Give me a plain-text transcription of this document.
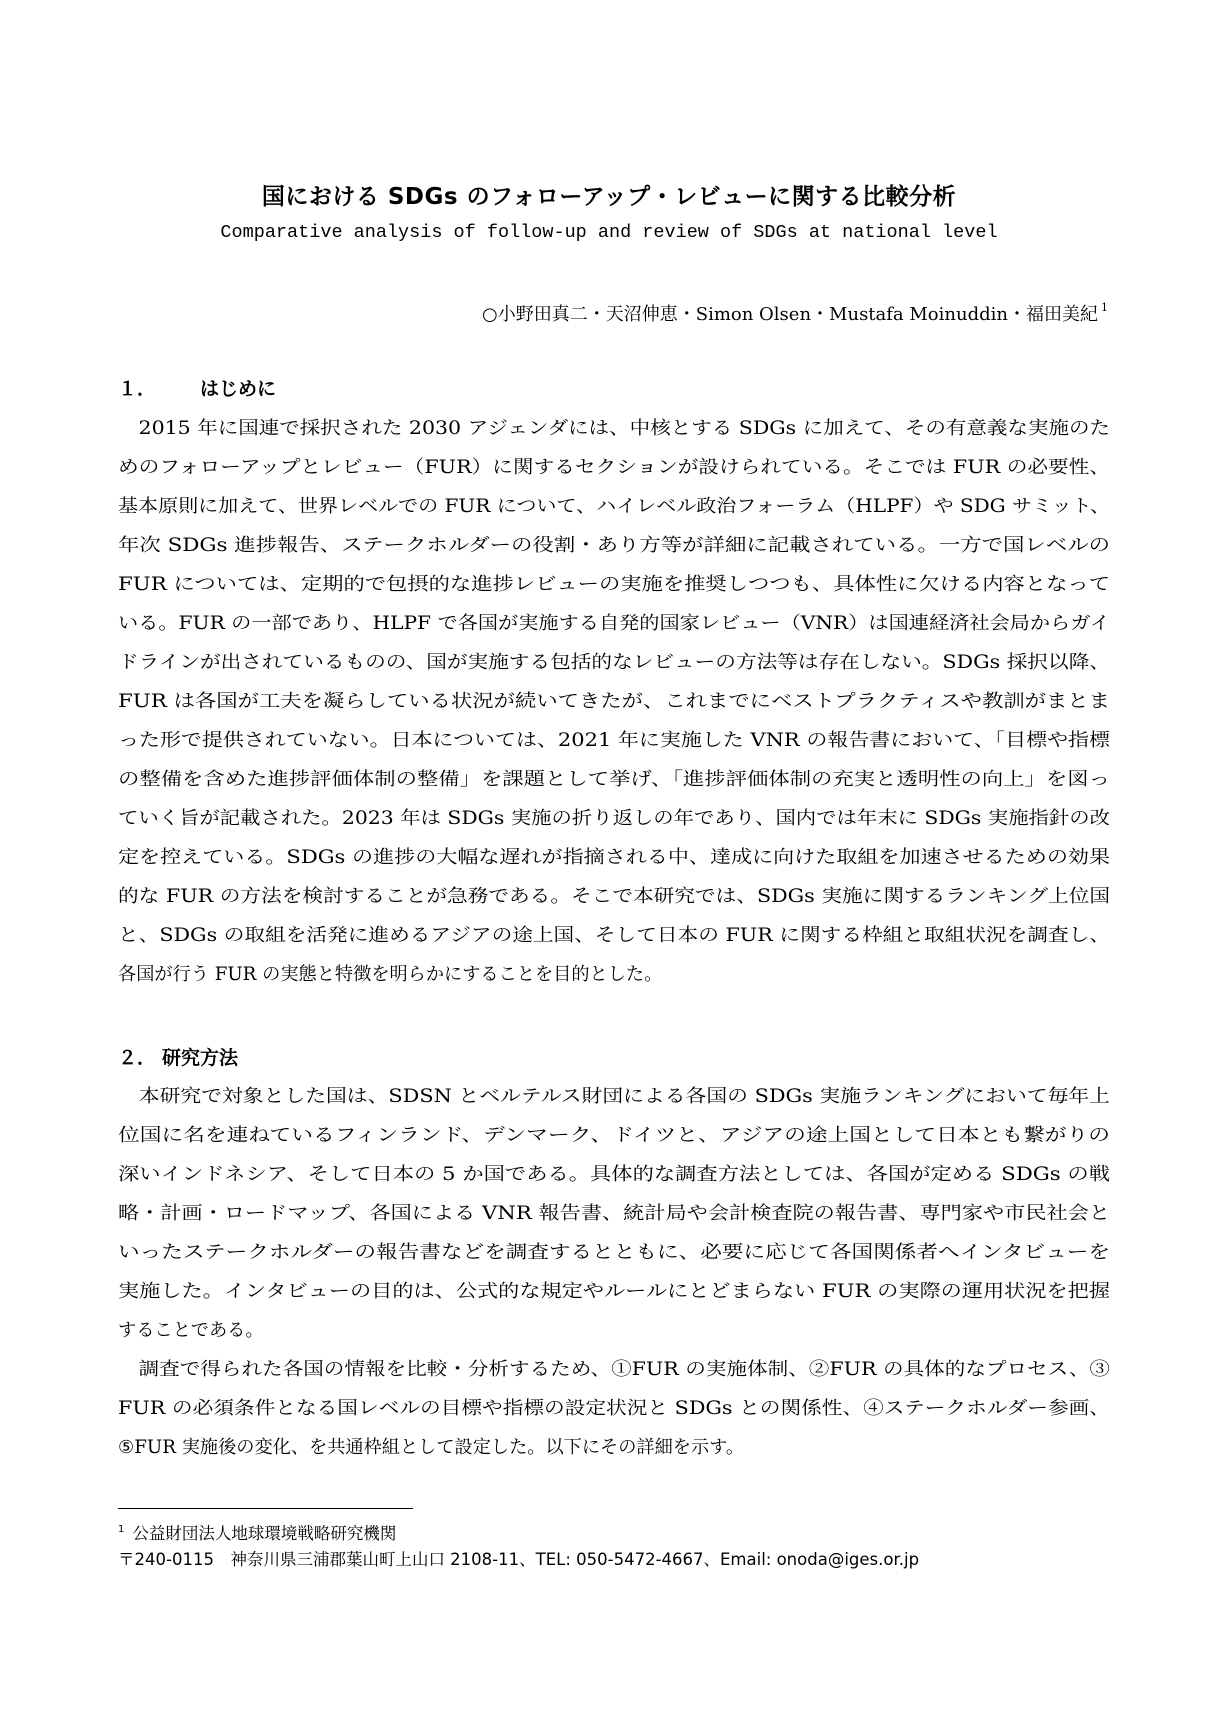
国における SDGs のフォローアップ・レビューに関する比較分析
Comparative analysis of follow-up and review of SDGs at national level
○小野田真二・天沼伸恵・Simon Olsen・Mustafa Moinuddin・福田美紀 $^1$
１． はじめに
　2015 年に国連で採択された 2030 アジェンダには、中核とする SDGs に加えて、その有意義な実施のた
めのフォローアップとレビュー（FUR）に関するセクションが設けられている。そこでは FUR の必要性、
基本原則に加えて、世界レベルでの FUR について、ハイレベル政治フォーラム（HLPF）や SDG サミット、
年次 SDGs 進捗報告、ステークホルダーの役割・あり方等が詳細に記載されている。一方で国レベルの
FUR については、定期的で包摂的な進捗レビューの実施を推奨しつつも、具体性に欠ける内容となって
いる。FUR の一部であり、HLPF で各国が実施する自発的国家レビュー（VNR）は国連経済社会局からガイ
ドラインが出されているものの、国が実施する包括的なレビューの方法等は存在しない。SDGs 採択以降、
FUR は各国が工夫を凝らしている状況が続いてきたが、これまでにベストプラクティスや教訓がまとま
った形で提供されていない。日本については、2021 年に実施した VNR の報告書において、「目標や指標
の整備を含めた進捗評価体制の整備」を課題として挙げ、「進捗評価体制の充実と透明性の向上」を図っ
ていく旨が記載された。2023 年は SDGs 実施の折り返しの年であり、国内では年末に SDGs 実施指針の改
定を控えている。SDGs の進捗の大幅な遅れが指摘される中、達成に向けた取組を加速させるための効果
的な FUR の方法を検討することが急務である。そこで本研究では、SDGs 実施に関するランキング上位国
と、SDGs の取組を活発に進めるアジアの途上国、そして日本の FUR に関する枠組と取組状況を調査し、
各国が行う FUR の実態と特徴を明らかにすることを目的とした。
２． 研究方法
　本研究で対象とした国は、SDSN とベルテルス財団による各国の SDGs 実施ランキングにおいて毎年上
位国に名を連ねているフィンランド、デンマーク、ドイツと、アジアの途上国として日本とも繋がりの
深いインドネシア、そして日本の 5 か国である。具体的な調査方法としては、各国が定める SDGs の戦
略・計画・ロードマップ、各国による VNR 報告書、統計局や会計検査院の報告書、専門家や市民社会と
いったステークホルダーの報告書などを調査するとともに、必要に応じて各国関係者へインタビューを
実施した。インタビューの目的は、公式的な規定やルールにとどまらない FUR の実際の運用状況を把握
することである。
　調査で得られた各国の情報を比較・分析するため、①FUR の実施体制、②FUR の具体的なプロセス、③
FUR の必須条件となる国レベルの目標や指標の設定状況と SDGs との関係性、④ステークホルダー参画、
⑤FUR 実施後の変化、を共通枠組として設定した。以下にその詳細を示す。
$^1$ 公益財団法人地球環境戦略研究機関
〒240-0115　神奈川県三浦郡葉山町上山口 2108-11、TEL: 050-5472-4667、Email: onoda@iges.or.jp
